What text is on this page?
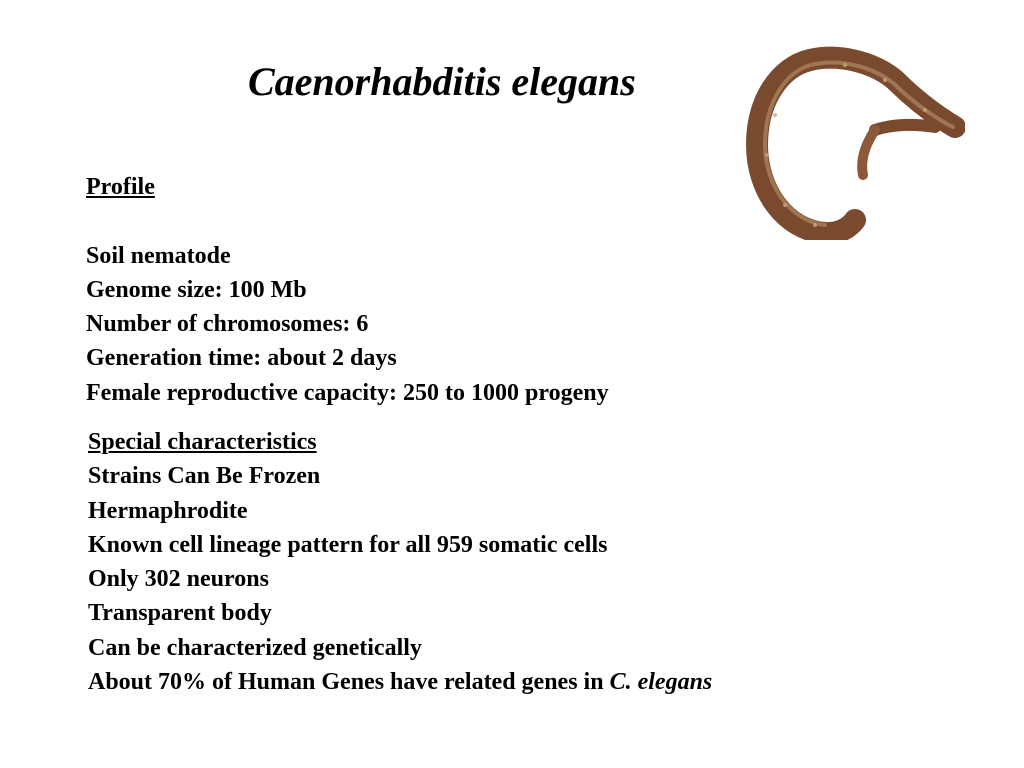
Caenorhabditis elegans
Profile
Soil nematode
Genome size: 100 Mb
Number of chromosomes: 6
Generation time: about 2 days
Female reproductive capacity: 250 to 1000 progeny
Special characteristics
Strains Can Be Frozen
Hermaphrodite
Known cell lineage pattern for all 959 somatic cells
Only 302 neurons
Transparent body
Can be characterized genetically
About 70% of Human Genes have related genes in C. elegans
